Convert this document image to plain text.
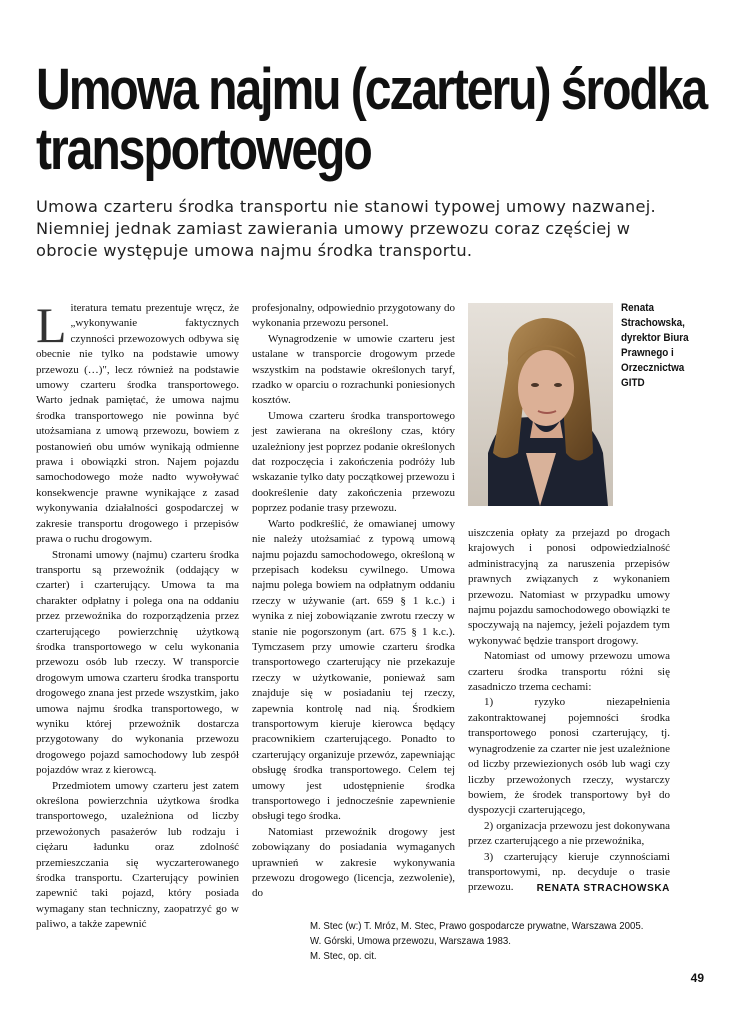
Umowa najmu (czarteru) środka
transportowego

Umowa czarteru środka transportu nie stanowi typowej umowy nazwanej. Niemniej jednak zamiast zawierania umowy przewozu coraz częściej w obrocie występuje umowa najmu środka transportu.

Literatura tematu prezentuje wręcz, że „wykonywanie faktycznych czynności przewozowych odbywa się obecnie nie tylko na podstawie umowy przewozu (…)", lecz również na podstawie umowy czarteru środka transportowego. Warto jednak pamiętać, że umowa najmu środka transportowego nie powinna być utożsamiana z umową przewozu, bowiem z postanowień obu umów wynikają odmienne prawa i obowiązki stron. Najem pojazdu samochodowego może nadto wywoływać konsekwencje prawne wynikające z zasad wykonywania działalności gospodarczej w zakresie transportu drogowego i przepisów prawa o ruchu drogowym.

Stronami umowy (najmu) czarteru środka transportu są przewoźnik (oddający w czarter) i czarterujący. Umowa ta ma charakter odpłatny i polega ona na oddaniu przez przewoźnika do rozporządzenia przez czarterującego powierzchnię użytkową środka transportowego w celu wykonania przewozu osób lub rzeczy. W transporcie drogowym umowa czarteru środka transportu drogowego znana jest przede wszystkim, jako umowa najmu środka transportowego, w wyniku której przewoźnik dostarcza przygotowany do wykonania przewozu drogowego pojazd samochodowy lub zespół pojazdów wraz z kierowcą.

Przedmiotem umowy czarteru jest zatem określona powierzchnia użytkowa środka transportowego, uzależniona od liczby przewożonych pasażerów lub rodzaju i ciężaru ładunku oraz zdolność przemieszczania się wyczarterowanego środka transportu. Czarterujący powinien zapewnić taki pojazd, który posiada wymagany stan techniczny, zaopatrzyć go w paliwo, a także zapewnić

profesjonalny, odpowiednio przygotowany do wykonania przewozu personel.

Wynagrodzenie w umowie czarteru jest ustalane w transporcie drogowym przede wszystkim na podstawie określonych taryf, rzadko w oparciu o rozrachunki poniesionych kosztów.

Umowa czarteru środka transportowego jest zawierana na określony czas, który uzależniony jest poprzez podanie określonych dat rozpoczęcia i zakończenia podróży lub wskazanie tylko daty początkowej przewozu i dookreślenie daty zakończenia przewozu poprzez podanie trasy przewozu.

Warto podkreślić, że omawianej umowy nie należy utożsamiać z typową umową najmu pojazdu samochodowego, określoną w przepisach kodeksu cywilnego. Umowa najmu polega bowiem na odpłatnym oddaniu rzeczy w używanie (art. 659 § 1 k.c.) i wynika z niej zobowiązanie zwrotu rzeczy w stanie nie pogorszonym (art. 675 § 1 k.c.). Tymczasem przy umowie czarteru środka transportowego czarterujący nie przekazuje rzeczy w użytkowanie, ponieważ sam znajduje się w posiadaniu tej rzeczy, zapewnia kontrolę nad nią. Środkiem transportowym kieruje kierowca będący pracownikiem czarterującego. Ponadto to czarterujący organizuje przewóz, zapewniając obsługę środka transportowego. Celem tej umowy jest udostępnienie środka transportowego i jednocześnie zapewnienie obsługi tego środka.

Natomiast przewoźnik drogowy jest zobowiązany do posiadania wymaganych uprawnień w zakresie wykonywania przewozu drogowego (licencja, zezwolenie), do

Renata
Strachowska,
dyrektor Biura
Prawnego i
Orzecznictwa
GITD

uiszczenia opłaty za przejazd po drogach krajowych i ponosi odpowiedzialność administracyjną za naruszenia przepisów prawnych związanych z wykonaniem przewozu. Natomiast w przypadku umowy najmu pojazdu samochodowego obowiązki te spoczywają na najemcy, jeżeli pojazdem tym wykonywać będzie transport drogowy.

Natomiast od umowy przewozu umowa czarteru środka transportu różni się zasadniczo trzema cechami:

1) ryzyko niezapełnienia zakontraktowanej pojemności środka transportowego ponosi czarterujący, tj. wynagrodzenie za czarter nie jest uzależnione od liczby przewiezionych osób lub wagi czy liczby przewożonych rzeczy, wystarczy bowiem, że środek transportowy był do dyspozycji czarterującego,

2) organizacja przewozu jest dokonywana przez czarterującego a nie przewoźnika,

3) czarterujący kieruje czynnościami transportowymi, np. decyduje o trasie przewozu.	RENATA STRACHOWSKA
M. Stec (w:) T. Mróz, M. Stec, Prawo gospodarcze prywatne, Warszawa 2005.
W. Górski, Umowa przewozu, Warszawa 1983.
M. Stec, op. cit.
49
